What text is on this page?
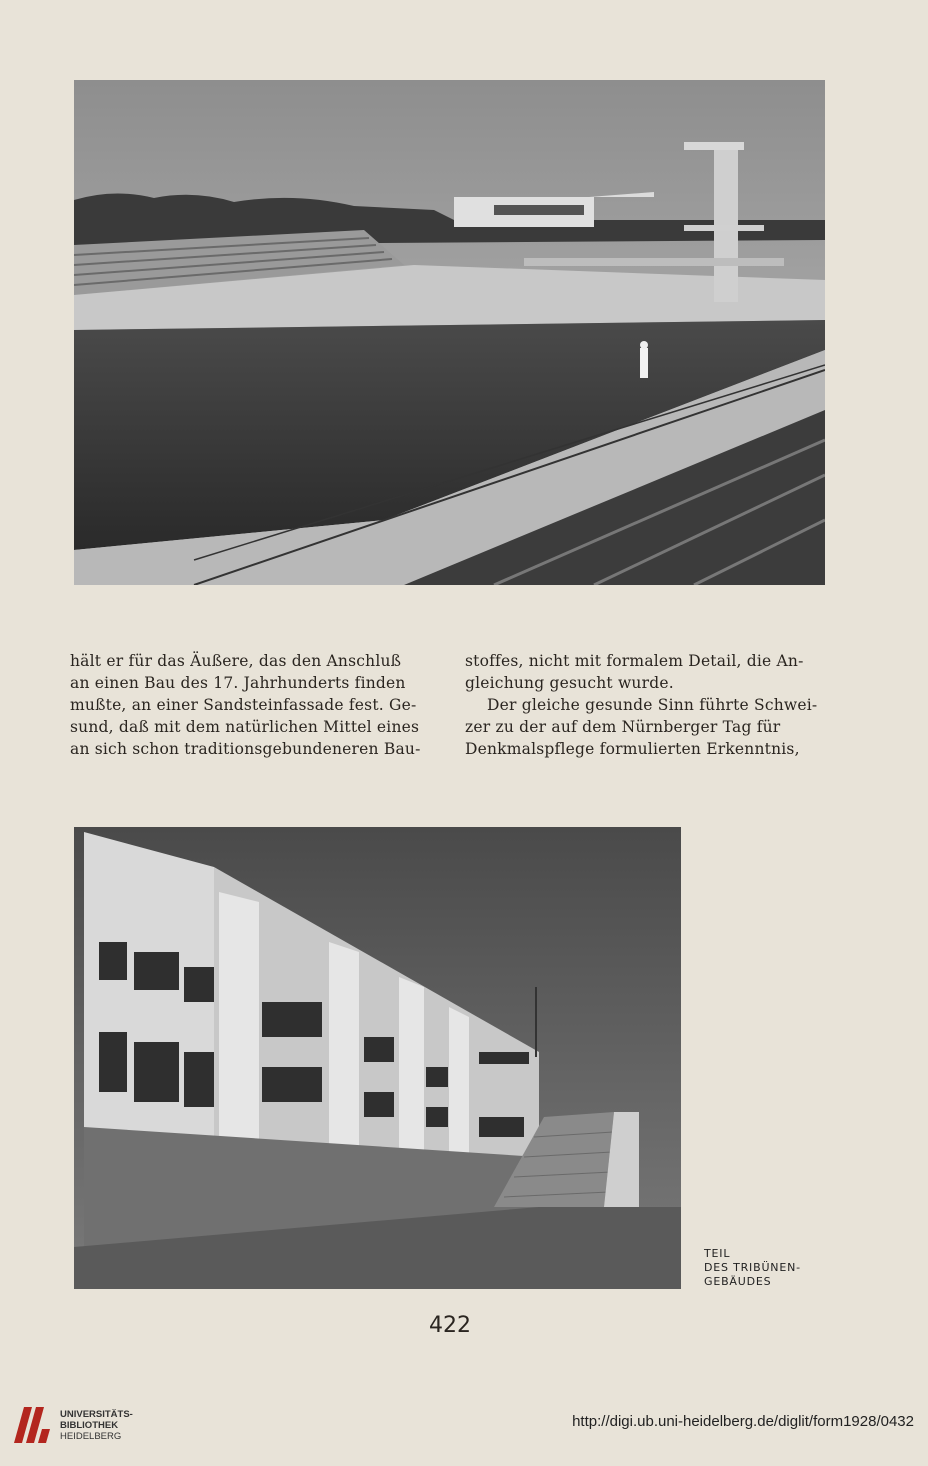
hält er für das Äußere, das den Anschluß
an einen Bau des 17. Jahrhunderts finden
mußte, an einer Sandsteinfassade fest. Ge-
sund, daß mit dem natürlichen Mittel eines
an sich schon traditionsgebundeneren Bau-

stoffes, nicht mit formalem Detail, die An-
gleichung gesucht wurde.

Der gleiche gesunde Sinn führte Schwei-

zer zu der auf dem Nürnberger Tag für
Denkmalspflege formulierten Erkenntnis,

TEIL
DES TRIBÜNEN-
GEBÄUDES
422
UNIVERSITÄTS-
BIBLIOTHEK
HEIDELBERG
http://digi.ub.uni-heidelberg.de/diglit/form1928/0432
